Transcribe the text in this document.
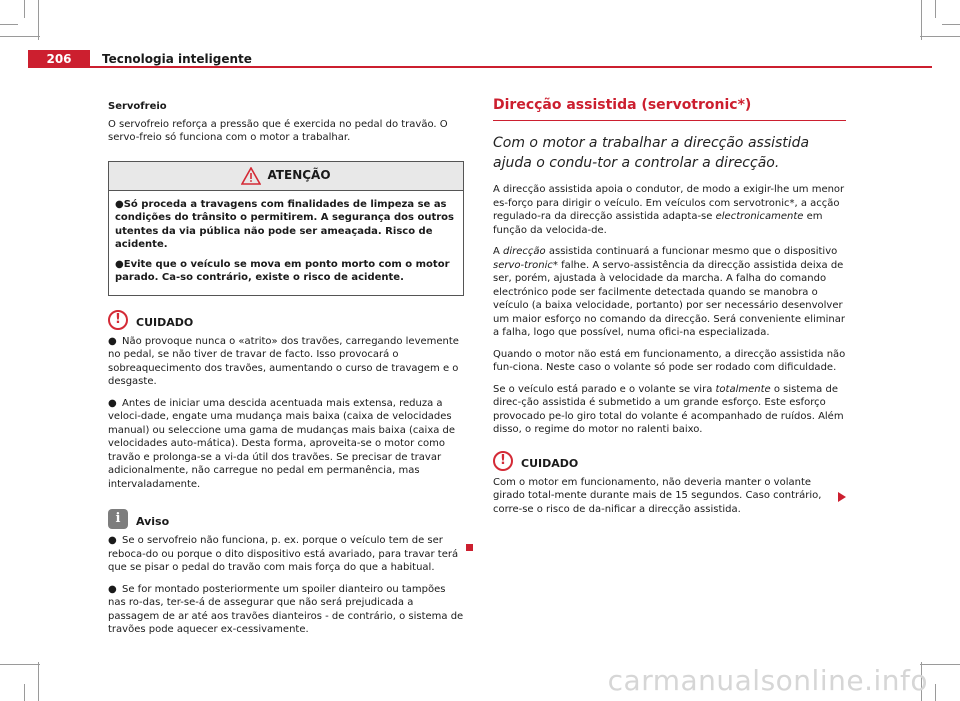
206	Tecnologia inteligente

Servofreio

O servofreio reforça a pressão que é exercida no pedal do travão. O servo-freio só funciona com o motor a trabalhar.

ATENÇÃO

●Só proceda a travagens com finalidades de limpeza se as condições do trânsito o permitirem. A segurança dos outros utentes da via pública não pode ser ameaçada. Risco de acidente.

●Evite que o veículo se mova em ponto morto com o motor parado. Ca-so contrário, existe o risco de acidente.

!	CUIDADO

● Não provoque nunca o «atrito» dos travões, carregando levemente no pedal, se não tiver de travar de facto. Isso provocará o sobreaquecimento dos travões, aumentando o curso de travagem e o desgaste.

● Antes de iniciar uma descida acentuada mais extensa, reduza a veloci-dade, engate uma mudança mais baixa (caixa de velocidades manual) ou seleccione uma gama de mudanças mais baixa (caixa de velocidades auto-mática). Desta forma, aproveita-se o motor como travão e prolonga-se a vi-da útil dos travões. Se precisar de travar adicionalmente, não carregue no pedal em permanência, mas intervaladamente.

i	Aviso

● Se o servofreio não funciona, p. ex. porque o veículo tem de ser reboca-do ou porque o dito dispositivo está avariado, para travar terá que se pisar o pedal do travão com mais força do que a habitual.

● Se for montado posteriormente um spoiler dianteiro ou tampões nas ro-das, ter-se-á de assegurar que não será prejudicada a passagem de ar até aos travões dianteiros - de contrário, o sistema de travões pode aquecer ex-cessivamente.

Direcção assistida (servotronic*)

Com o motor a trabalhar a direcção assistida ajuda o condu-tor a controlar a direcção.

A direcção assistida apoia o condutor, de modo a exigir-lhe um menor es-forço para dirigir o veículo. Em veículos com servotronic*, a acção regulado-ra da direcção assistida adapta-se electronicamente em função da velocida-de.

A direcção assistida continuará a funcionar mesmo que o dispositivo servo-tronic* falhe. A servo-assistência da direcção assistida deixa de ser, porém, ajustada à velocidade da marcha. A falha do comando electrónico pode ser facilmente detectada quando se manobra o veículo (a baixa velocidade, portanto) por ser necessário desenvolver um maior esforço no comando da direcção. Será conveniente eliminar a falha, logo que possível, numa ofici-na especializada.

Quando o motor não está em funcionamento, a direcção assistida não fun-ciona. Neste caso o volante só pode ser rodado com dificuldade.

Se o veículo está parado e o volante se vira totalmente o sistema de direc-ção assistida é submetido a um grande esforço. Este esforço provocado pe-lo giro total do volante é acompanhado de ruídos. Além disso, o regime do motor no ralenti baixo.

!	CUIDADO

Com o motor em funcionamento, não deveria manter o volante girado total-mente durante mais de 15 segundos. Caso contrário, corre-se o risco de da-nificar a direcção assistida.

carmanualsonline.info
